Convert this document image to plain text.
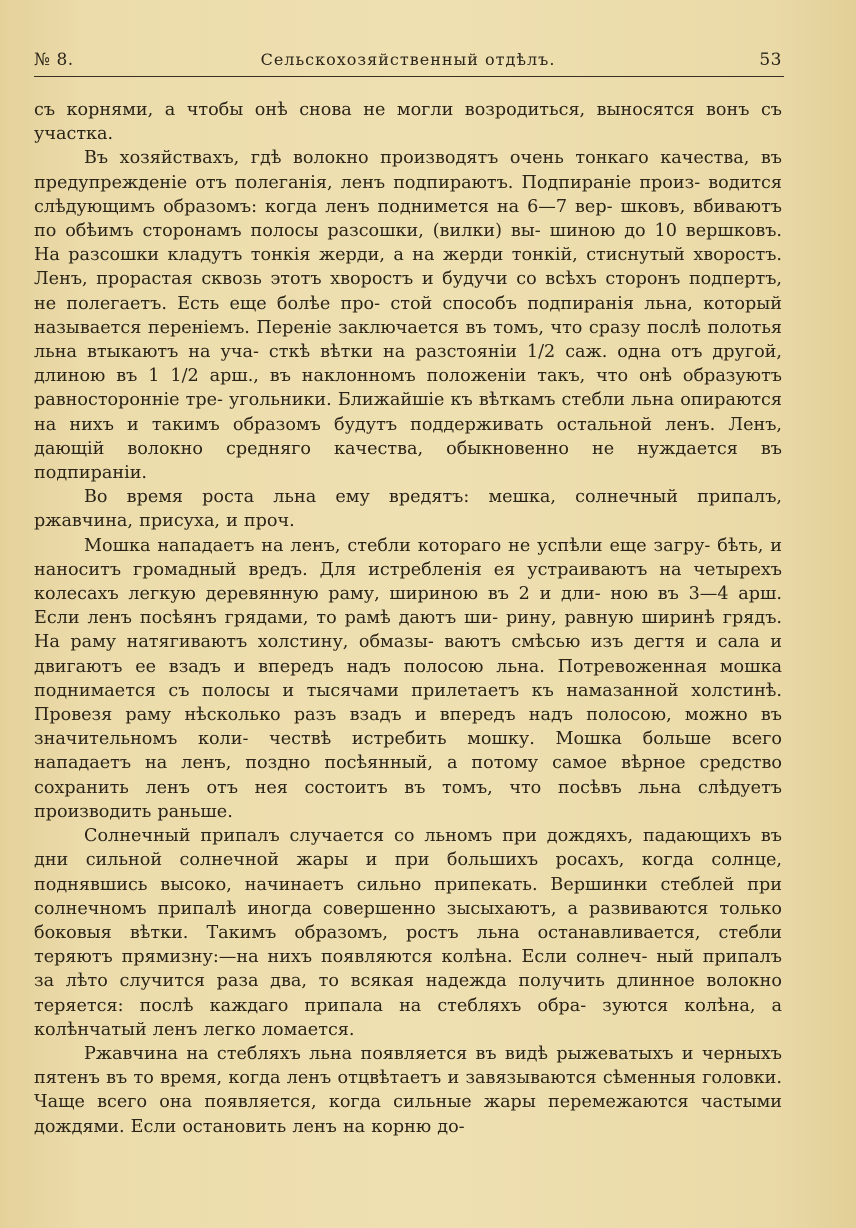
№ 8.	Сельскохозяйственный отдѣлъ.	53

съ корнями, а чтобы онѣ снова не могли возродиться, выносятся вонъ съ участка.

Въ хозяйствахъ, гдѣ волокно производятъ очень тонкаго качества, въ предупрежденіе отъ полеганія, ленъ подпираютъ. Подпираніе произ- водится слѣдующимъ образомъ: когда ленъ поднимется на 6—7 вер- шковъ, вбиваютъ по обѣимъ сторонамъ полосы разсошки, (вилки) вы- шиною до 10 вершковъ. На разсошки кладутъ тонкія жерди, а на жерди тонкій, стиснутый хворостъ. Ленъ, прорастая сквозь этотъ хворостъ и будучи со всѣхъ сторонъ подпертъ, не полегаетъ. Есть еще болѣе про- стой способъ подпиранія льна, который называется перенiемъ. Переніе заключается въ томъ, что сразу послѣ полотья льна втыкаютъ на уча- сткѣ вѣтки на разстояніи 1/2 саж. одна отъ другой, длиною въ 1 1/2 арш., въ наклонномъ положеніи такъ, что онѣ образуютъ равносторонніе тре- угольники. Ближайшіе къ вѣткамъ стебли льна опираются на нихъ и такимъ образомъ будутъ поддерживать остальной ленъ. Ленъ, дающій волокно средняго качества, обыкновенно не нуждается въ подпираніи.

Во время роста льна ему вредятъ: мешка, солнечный припалъ, ржавчина, присуха, и проч.

Мошка нападаетъ на ленъ, стебли котораго не успѣли еще загру- бѣть, и наноситъ громадный вредъ. Для истребленія ея устраиваютъ на четырехъ колесахъ легкую деревянную раму, шириною въ 2 и дли- ною въ 3—4 арш. Если ленъ посѣянъ грядами, то рамѣ даютъ ши- рину, равную ширинѣ грядъ. На раму натягиваютъ холстину, обмазы- ваютъ смѣсью изъ дегтя и сала и двигаютъ ее взадъ и впередъ надъ полосою льна. Потревоженная мошка поднимается съ полосы и тысячами прилетаетъ къ намазанной холстинѣ. Провезя раму нѣсколько разъ взадъ и впередъ надъ полосою, можно въ значительномъ коли- чествѣ истребить мошку. Мошка больше всего нападаетъ на ленъ, поздно посѣянный, а потому самое вѣрное средство сохранить ленъ отъ нея состоитъ въ томъ, что посѣвъ льна слѣдуетъ производить раньше.

Солнечный припалъ случается со льномъ при дождяхъ, падающихъ въ дни сильной солнечной жары и при большихъ росахъ, когда солнце, поднявшись высоко, начинаетъ сильно припекать. Вершинки стеблей при солнечномъ припалѣ иногда совершенно зысыхаютъ, а развиваются только боковыя вѣтки. Такимъ образомъ, ростъ льна останавливается, стебли теряютъ прямизну:—на нихъ появляются колѣна. Если солнеч- ный припалъ за лѣто случится раза два, то всякая надежда получить длинное волокно теряется: послѣ каждаго припала на стебляхъ обра- зуются колѣна, а колѣнчатый ленъ легко ломается.

Ржавчина на стебляхъ льна появляется въ видѣ рыжеватыхъ и черныхъ пятенъ въ то время, когда ленъ отцвѣтаетъ и завязываются сѣменныя головки. Чаще всего она появляется, когда сильные жары перемежаются частыми дождями. Если остановить ленъ на корню до-
